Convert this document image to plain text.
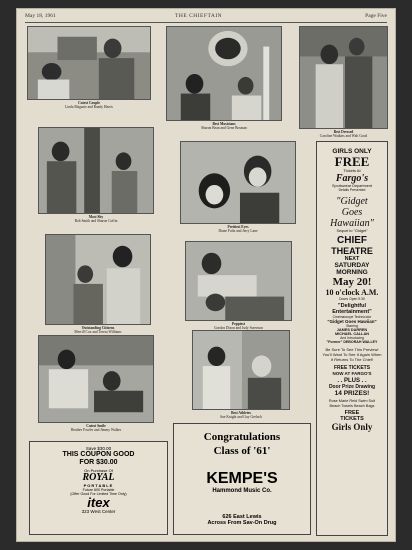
May 18, 1961	THE CHIEFTAIN	Page Five
Cutest Couple
Linda Magazie and Randy Harris
Best Musicians
Sharon Bean and Gene Bosman
Best Dressed
Caroline Watkins and Walt Good
Most Shy
Bob Smith and Sharon Coffin
Prettiest Eyes
Diane Fultz and Jerry Lane
Outstanding Citizens
Merrill Cox and Teresa Williams
Peppiest
Gordon Dixon and Judy Sorenson
Cutest Smile
Heather Fowler and Jimmy Walker
Best Athletes
Sue Knight and Guy Gerlach
Save $30.00
THIS COUPON GOOD
FOR $30.00
On Purchase Of
ROYAL
PORTABLE
Future 600 Portable
(Offer Good For Limited Time Only)
itex
323 West Center
Congratulations
Class of '61'
KEMPE'S
Hammond Music Co.
626 East Lewis
Across From Sav-On Drug
GIRLS ONLY
FREE
Tickets At
Fargo's
Sportswear Department
Details Presented
"Gidget
Goes
Hawaiian"
Sequel to "Gidget"
CHIEF
THEATRE
NEXT
SATURDAY
MORNING
May 20!
10 o'clock A.M.
Doors Open 9:30
"Delightful
Entertainment"
Cinemascope Technicolor
"Gidget Goes Hawiian"
Starring
JAMES DARREN
MICHAEL CALLAN
And Introducing
"Former" DEBORAH WALLEY
Be Sure To See This Preview! You'll Want To See It Again When It Returns To The Chief!
FREE TICKETS
NOW AT FARGO'S
. . PLUS . .
Door Prize Drawing
14 PRIZES!
Rose Marie Reid Swim Suit Beach Towels Beach Bags
FREE
TICKETS
Girls Only
